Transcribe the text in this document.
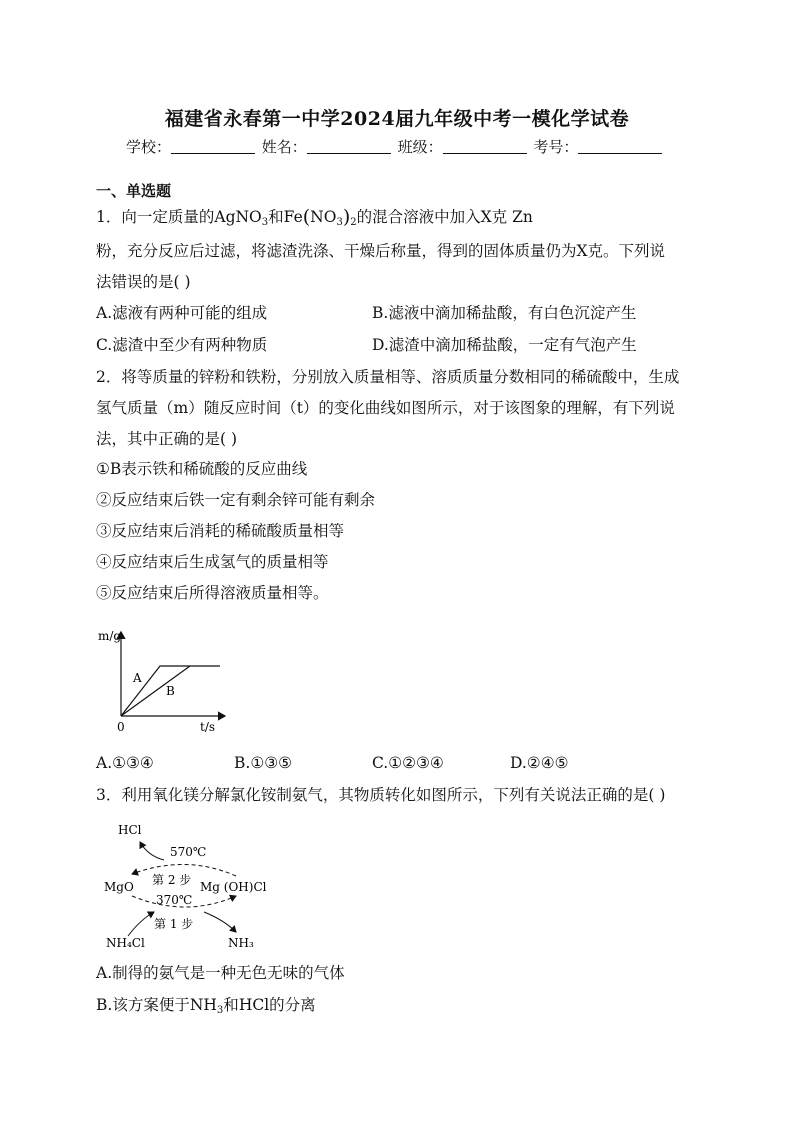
福建省永春第一中学2024届九年级中考一模化学试卷
学校：	姓名：	班级：	考号：
一、单选题
1．向一定质量的AgNO$_3$和$Fe(NO_3)_2$的混合溶液中加入X克 Zn
粉，充分反应后过滤，将滤渣洗涤、干燥后称量，得到的固体质量仍为X克。下列说
法错误的是( )
A.滤液有两种可能的组成	B.滤液中滴加稀盐酸，有白色沉淀产生
C.滤渣中至少有两种物质	D.滤渣中滴加稀盐酸，一定有气泡产生
2．将等质量的锌粉和铁粉，分别放入质量相等、溶质质量分数相同的稀硫酸中，生成
氢气质量（m）随反应时间（t）的变化曲线如图所示，对于该图象的理解，有下列说
法，其中正确的是( )
①B表示铁和稀硫酸的反应曲线
②反应结束后铁一定有剩余锌可能有剩余
③反应结束后消耗的稀硫酸质量相等
④反应结束后生成氢气的质量相等
⑤反应结束后所得溶液质量相等。
m/g
t/s
0
A
B
A.①③④	B.①③⑤	C.①②③④	D.②④⑤
3．利用氧化镁分解氯化铵制氨气，其物质转化如图所示，下列有关说法正确的是( )
HCl
570℃
MgO 第 2 步 Mg (OH)Cl
370℃
第 1 步
NH₄Cl	NH₃
A.制得的氨气是一种无色无味的气体
B.该方案便于$NH_3$和HCl的分离
